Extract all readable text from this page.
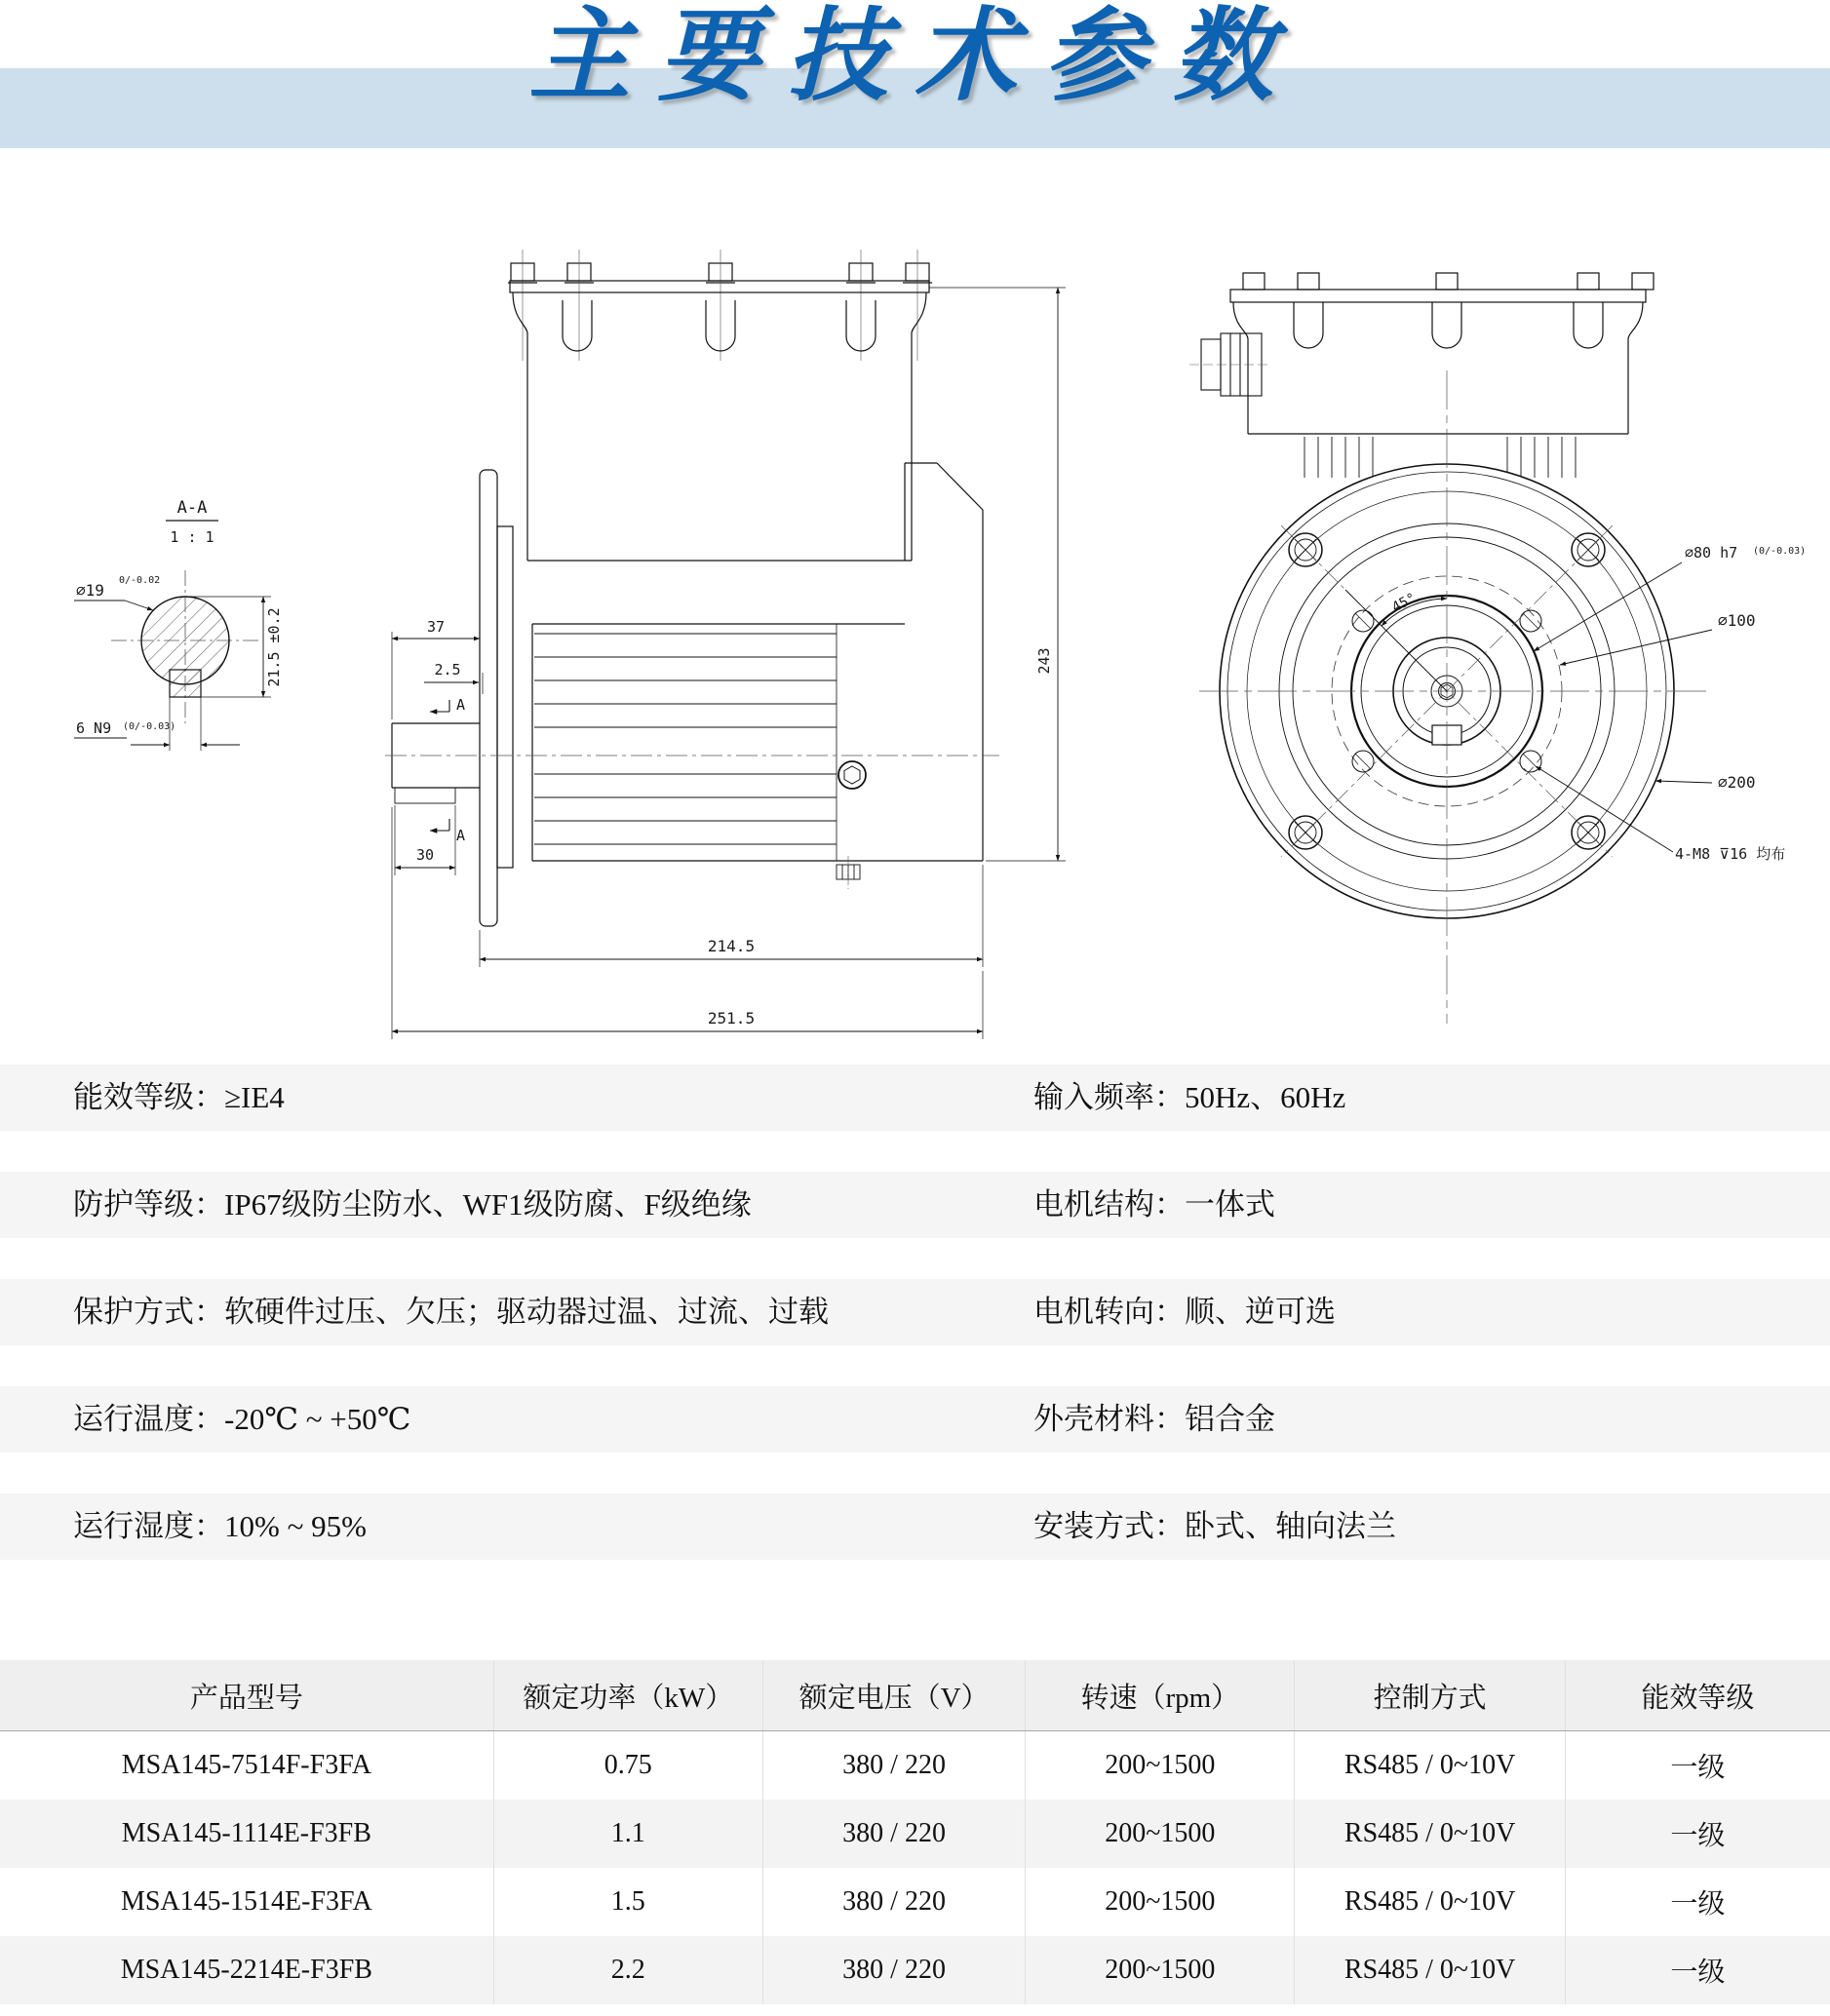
主要技术参数
A-A
1 : 1
∅19
0/-0.02
21.5 ±0.2
6 N9 (0/-0.03)
A
A
37
2.5
30
243
214.5
251.5
45°
∅80 h7 (0/-0.03)
∅100
∅200
4-M8 ⊽16 均布
能效等级：≥IE4	输入频率：50Hz、60Hz
防护等级：IP67级防尘防水、WF1级防腐、F级绝缘	电机结构：一体式
保护方式：软硬件过压、欠压；驱动器过温、过流、过载	电机转向：顺、逆可选
运行温度：-20℃ ~ +50℃	外壳材料：铝合金
运行湿度：10% ~ 95%	安装方式：卧式、轴向法兰
产品型号	额定功率（kW）	额定电压（V）	转速（rpm）	控制方式	能效等级
MSA145-7514F-F3FA	0.75	380 / 220	200~1500	RS485 / 0~10V	一级
MSA145-1114E-F3FB	1.1	380 / 220	200~1500	RS485 / 0~10V	一级
MSA145-1514E-F3FA	1.5	380 / 220	200~1500	RS485 / 0~10V	一级
MSA145-2214E-F3FB	2.2	380 / 220	200~1500	RS485 / 0~10V	一级
